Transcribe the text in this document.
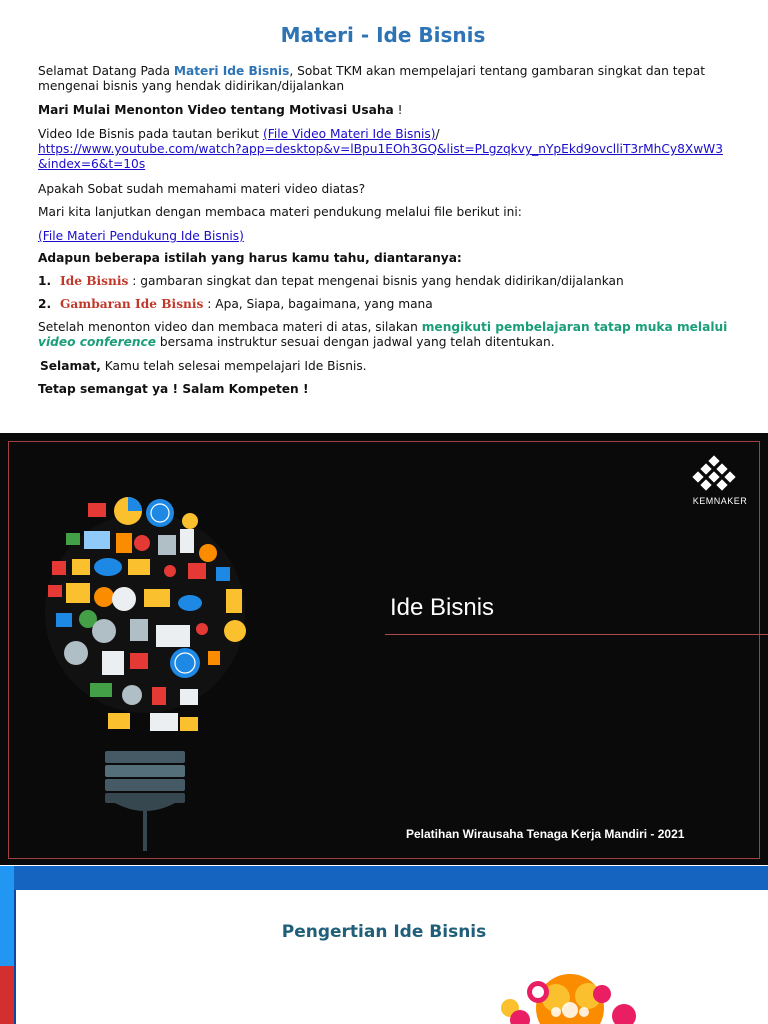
Materi - Ide Bisnis

Selamat Datang Pada Materi Ide Bisnis, Sobat TKM akan mempelajari tentang gambaran singkat dan tepat mengenai bisnis yang hendak didirikan/dijalankan

Mari Mulai Menonton Video tentang Motivasi Usaha !

Video Ide Bisnis pada tautan berikut (File Video Materi Ide Bisnis)/
https://www.youtube.com/watch?app=desktop&v=lBpu1EOh3GQ&list=PLgzqkvy_nYpEkd9ovclliT3rMhCy8XwW3&index=6&t=10s

Apakah Sobat sudah memahami materi video diatas?

Mari kita lanjutkan dengan membaca materi pendukung melalui file berikut ini:

(File Materi Pendukung Ide Bisnis)

Adapun beberapa istilah yang harus kamu tahu, diantaranya:

1. Ide Bisnis : gambaran singkat dan tepat mengenai bisnis yang hendak didirikan/dijalankan

2. Gambaran Ide Bisnis : Apa, Siapa, bagaimana, yang mana

Setelah menonton video dan membaca materi di atas, silakan mengikuti pembelajaran tatap muka melalui video conference bersama instruktur sesuai dengan jadwal yang telah ditentukan.

Selamat, Kamu telah selesai mempelajari Ide Bisnis.

Tetap semangat ya ! Salam Kompeten !

KEMNAKER
Ide Bisnis
Pelatihan Wirausaha Tenaga Kerja Mandiri - 2021
Pengertian Ide Bisnis
